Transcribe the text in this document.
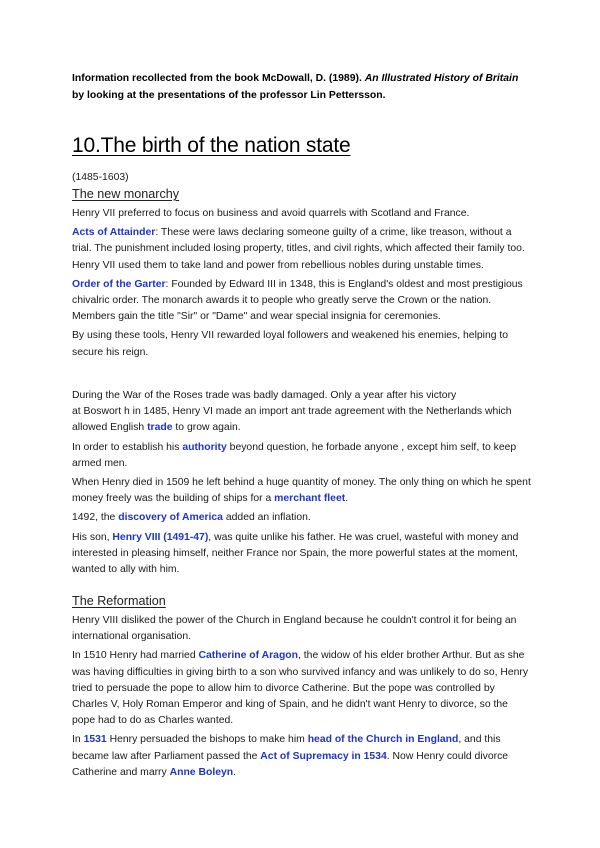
Information recollected from the book McDowall, D. (1989). An Illustrated History of Britain by looking at the presentations of the professor Lin Pettersson.
10.The birth of the nation state
(1485-1603)
The new monarchy

Henry VII preferred to focus on business and avoid quarrels with Scotland and France.

Acts of Attainder: These were laws declaring someone guilty of a crime, like treason, without a trial. The punishment included losing property, titles, and civil rights, which affected their family too. Henry VII used them to take land and power from rebellious nobles during unstable times.

Order of the Garter: Founded by Edward III in 1348, this is England's oldest and most prestigious chivalric order. The monarch awards it to people who greatly serve the Crown or the nation. Members gain the title "Sir" or "Dame" and wear special insignia for ceremonies.

By using these tools, Henry VII rewarded loyal followers and weakened his enemies, helping to secure his reign.

During the War of the Roses trade was badly damaged. Only a year after his victory

at Boswort h in 1485, Henry VI made an import ant trade agreement with the Netherlands which allowed English trade to grow again.

In order to establish his authority beyond question, he forbade anyone , except him self, to keep armed men.

When Henry died in 1509 he left behind a huge quantity of money. The only thing on which he spent money freely was the building of ships for a merchant fleet.

1492, the discovery of America added an inflation.

His son, Henry VIII (1491-47), was quite unlike his father. He was cruel, wasteful with money and interested in pleasing himself, neither France nor Spain, the more powerful states at the moment, wanted to ally with him.

The Reformation

Henry VIII disliked the power of the Church in England because he couldn't control it for being an international organisation.

In 1510 Henry had married Catherine of Aragon, the widow of his elder brother Arthur. But as she was having difficulties in giving birth to a son who survived infancy and was unlikely to do so, Henry tried to persuade the pope to allow him to divorce Catherine. But the pope was controlled by Charles V, Holy Roman Emperor and king of Spain, and he didn't want Henry to divorce, so the pope had to do as Charles wanted.

In 1531 Henry persuaded the bishops to make him head of the Church in England, and this became law after Parliament passed the Act of Supremacy in 1534. Now Henry could divorce Catherine and marry Anne Boleyn.
